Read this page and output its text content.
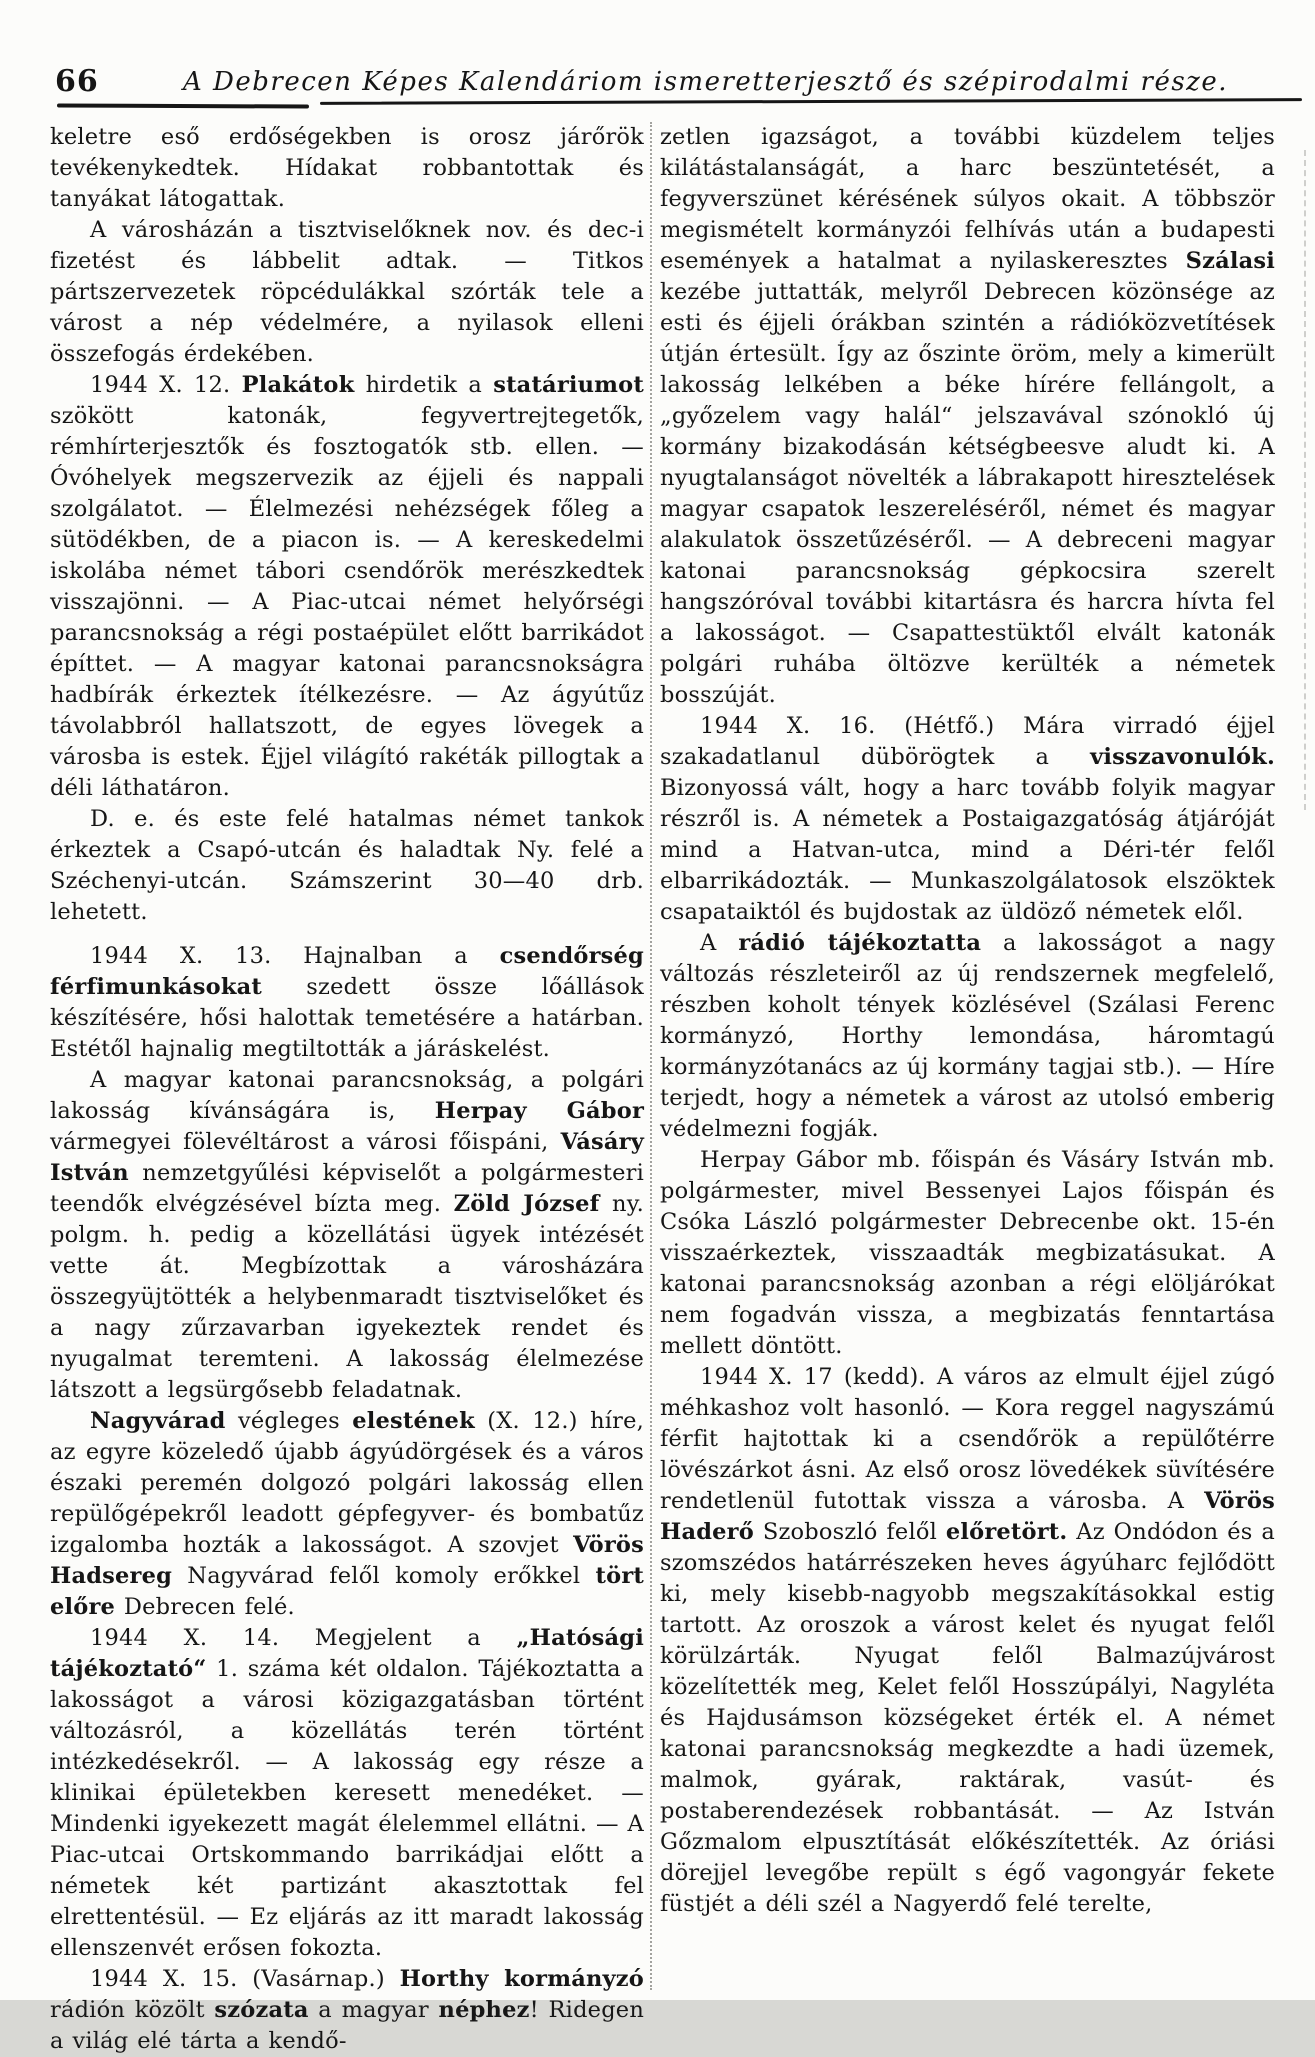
66	A Debrecen Képes Kalendáriom ismeretterjesztő és szépirodalmi része.

keletre eső erdőségekben is orosz járőrök tevékenykedtek. Hídakat robbantottak és tanyákat látogattak.

A városházán a tisztviselőknek nov. és dec-i fizetést és lábbelit adtak. — Titkos pártszervezetek röpcédulákkal szórták tele a várost a nép védelmére, a nyilasok elleni összefogás érdekében.

1944 X. 12. Plakátok hirdetik a statáriumot szökött katonák, fegyvertrejtegetők, rémhírterjesztők és fosztogatók stb. ellen. — Óvóhelyek megszervezik az éjjeli és nappali szolgálatot. — Élelmezési nehézségek főleg a sütödékben, de a piacon is. — A kereskedelmi iskolába német tábori csendőrök merészkedtek visszajönni. — A Piac-utcai német helyőrségi parancsnokság a régi postaépület előtt barrikádot építtet. — A magyar katonai parancsnokságra hadbírák érkeztek ítélkezésre. — Az ágyútűz távolabbról hallatszott, de egyes lövegek a városba is estek. Éjjel világító rakéták pillogtak a déli láthatáron.

D. e. és este felé hatalmas német tankok érkeztek a Csapó-utcán és haladtak Ny. felé a Széchenyi-utcán. Számszerint 30—40 drb. lehetett.

1944 X. 13. Hajnalban a csendőrség férfimunkásokat szedett össze lőállások készítésére, hősi halottak temetésére a határban. Estétől hajnalig megtiltották a járáskelést.

A magyar katonai parancsnokság, a polgári lakosság kívánságára is, Herpay Gábor vármegyei fölevéltárost a városi főispáni, Vásáry István nemzetgyűlési képviselőt a polgármesteri teendők elvégzésével bízta meg. Zöld József ny. polgm. h. pedig a közellátási ügyek intézését vette át. Megbízottak a városházára összegyüjtötték a helybenmaradt tisztviselőket és a nagy zűrzavarban igyekeztek rendet és nyugalmat teremteni. A lakosság élelmezése látszott a legsürgősebb feladatnak.

Nagyvárad végleges elestének (X. 12.) híre, az egyre közeledő újabb ágyúdörgések és a város északi peremén dolgozó polgári lakosság ellen repülőgépekről leadott gépfegyver- és bombatűz izgalomba hozták a lakosságot. A szovjet Vörös Hadsereg Nagyvárad felől komoly erőkkel tört előre Debrecen felé.

1944 X. 14. Megjelent a „Hatósági tájékoztató“ 1. száma két oldalon. Tájékoztatta a lakosságot a városi közigazgatásban történt változásról, a közellátás terén történt intézkedésekről. — A lakosság egy része a klinikai épületekben keresett menedéket. — Mindenki igyekezett magát élelemmel ellátni. — A Piac-utcai Ortskommando barrikádjai előtt a németek két partizánt akasztottak fel elrettentésül. — Ez eljárás az itt maradt lakosság ellenszenvét erősen fokozta.

1944 X. 15. (Vasárnap.) Horthy kormányzó rádión közölt szózata a magyar néphez! Ridegen a világ elé tárta a kendő-

zetlen igazságot, a további küzdelem teljes kilátástalanságát, a harc beszüntetését, a fegyverszünet kérésének súlyos okait. A többször megismételt kormányzói felhívás után a budapesti események a hatalmat a nyilaskeresztes Szálasi kezébe juttatták, melyről Debrecen közönsége az esti és éjjeli órákban szintén a rádióközvetítések útján értesült. Így az őszinte öröm, mely a kimerült lakosság lelkében a béke hírére fellángolt, a „győzelem vagy halál“ jelszavával szónokló új kormány bizakodásán kétségbeesve aludt ki. A nyugtalanságot növelték a lábrakapott hiresztelések magyar csapatok leszereléséről, német és magyar alakulatok összetűzéséről. — A debreceni magyar katonai parancsnokság gépkocsira szerelt hangszóróval további kitartásra és harcra hívta fel a lakosságot. — Csapattestüktől elvált katonák polgári ruhába öltözve kerülték a németek bosszúját.

1944 X. 16. (Hétfő.) Mára virradó éjjel szakadatlanul dübörögtek a visszavonulók. Bizonyossá vált, hogy a harc tovább folyik magyar részről is. A németek a Postaigazgatóság átjáróját mind a Hatvan-utca, mind a Déri-tér felől elbarrikádozták. — Munkaszolgálatosok elszöktek csapataiktól és bujdostak az üldöző németek elől.

A rádió tájékoztatta a lakosságot a nagy változás részleteiről az új rendszernek megfelelő, részben koholt tények közlésével (Szálasi Ferenc kormányzó, Horthy lemondása, háromtagú kormányzótanács az új kormány tagjai stb.). — Híre terjedt, hogy a németek a várost az utolsó emberig védelmezni fogják.

Herpay Gábor mb. főispán és Vásáry István mb. polgármester, mivel Bessenyei Lajos főispán és Csóka László polgármester Debrecenbe okt. 15-én visszaérkeztek, visszaadták megbizatásukat. A katonai parancsnokság azonban a régi elöljárókat nem fogadván vissza, a megbizatás fenntartása mellett döntött.

1944 X. 17 (kedd). A város az elmult éjjel zúgó méhkashoz volt hasonló. — Kora reggel nagyszámú férfit hajtottak ki a csendőrök a repülőtérre lövészárkot ásni. Az első orosz lövedékek süvítésére rendetlenül futottak vissza a városba. A Vörös Haderő Szoboszló felől előretört. Az Ondódon és a szomszédos határrészeken heves ágyúharc fejlődött ki, mely kisebb-nagyobb megszakításokkal estig tartott. Az oroszok a várost kelet és nyugat felől körülzárták. Nyugat felől Balmazújvárost közelítették meg, Kelet felől Hosszúpályi, Nagyléta és Hajdusámson községeket érték el. A német katonai parancsnokság megkezdte a hadi üzemek, malmok, gyárak, raktárak, vasút- és postaberendezések robbantását. — Az István Gőzmalom elpusztítását előkészítették. Az óriási dörejjel levegőbe repült s égő vagongyár fekete füstjét a déli szél a Nagyerdő felé terelte,
